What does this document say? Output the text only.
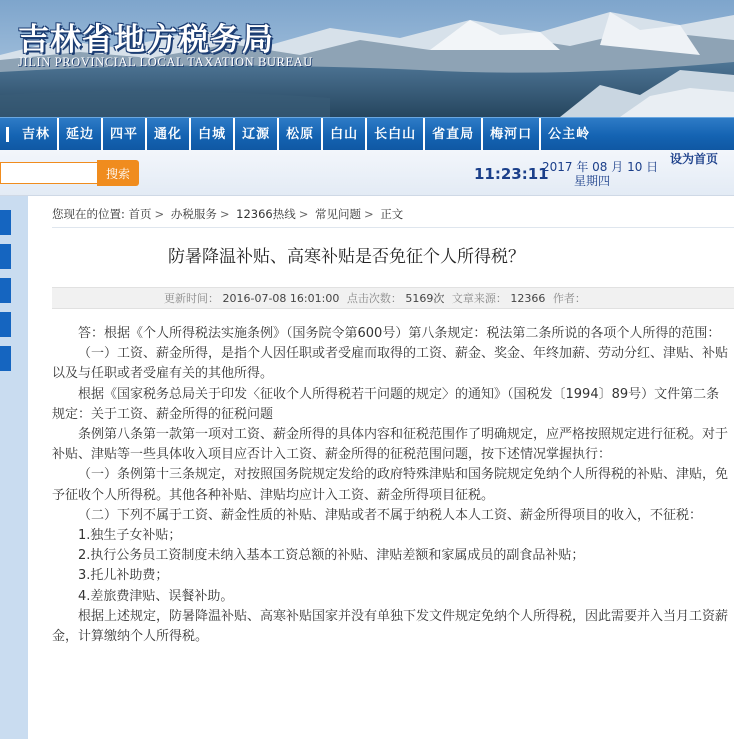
吉林省地方税务局
JILIN PROVINCIAL LOCAL TAXATION BUREAU
吉林	延边	四平	通化	白城	辽源	松原	白山	长白山	省直局	梅河口	公主岭
搜索	11:23:11
2017 年 08 月 10 日
星期四
设为首页
您现在的位置: 首页 > 办税服务 > 12366热线 > 常见问题 > 正文
防暑降温补贴、高寒补贴是否免征个人所得税？
更新时间： 2016-07-08 16:01:00 点击次数： 5169次 文章来源： 12366 作者：

答：根据《个人所得税法实施条例》（国务院令第600号）第八条规定：税法第二条所说的各项个人所得的范围：

（一）工资、薪金所得，是指个人因任职或者受雇而取得的工资、薪金、奖金、年终加薪、劳动分红、津贴、补贴以及与任职或者受雇有关的其他所得。

根据《国家税务总局关于印发〈征收个人所得税若干问题的规定〉的通知》（国税发〔1994〕89号）文件第二条规定：关于工资、薪金所得的征税问题

条例第八条第一款第一项对工资、薪金所得的具体内容和征税范围作了明确规定，应严格按照规定进行征税。对于补贴、津贴等一些具体收入项目应否计入工资、薪金所得的征税范围问题，按下述情况掌握执行：

（一）条例第十三条规定，对按照国务院规定发给的政府特殊津贴和国务院规定免纳个人所得税的补贴、津贴，免予征收个人所得税。其他各种补贴、津贴均应计入工资、薪金所得项目征税。

（二）下列不属于工资、薪金性质的补贴、津贴或者不属于纳税人本人工资、薪金所得项目的收入，不征税：

1.独生子女补贴；

2.执行公务员工资制度未纳入基本工资总额的补贴、津贴差额和家属成员的副食品补贴；

3.托儿补助费；

4.差旅费津贴、误餐补助。

根据上述规定，防暑降温补贴、高寒补贴国家并没有单独下发文件规定免纳个人所得税，因此需要并入当月工资薪金，计算缴纳个人所得税。
